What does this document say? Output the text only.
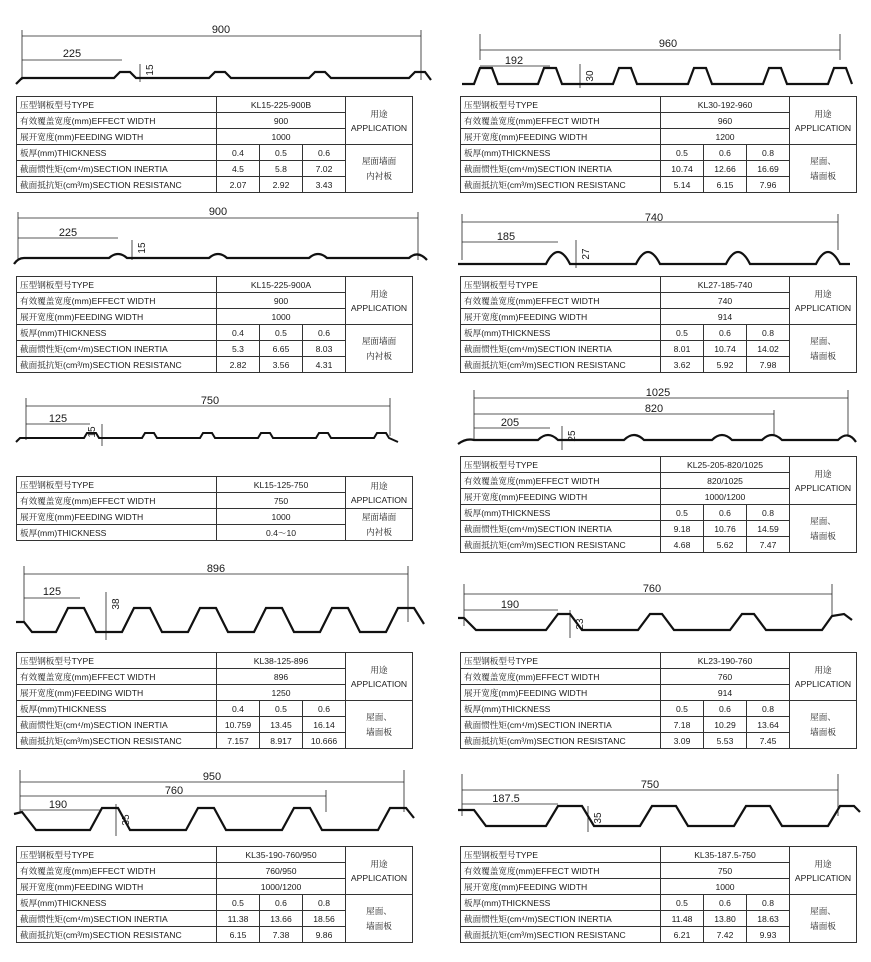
900
225
15
压型钢板型号TYPE	KL15-225-900B			用途
APPLICATION
有效覆盖宽度(mm)EFFECT WIDTH	900			
展开宽度(mm)FEEDING WIDTH	1000			
板厚(mm)THICKNESS	0.4	0.5	0.6	屋面墙面
内衬板
截面惯性矩(cm⁴/m)SECTION INERTIA	4.5	5.8	7.02	
截面抵抗矩(cm³/m)SECTION RESISTANC	2.07	2.92	3.43	
960
192
30
压型钢板型号TYPE	KL30-192-960			用途
APPLICATION
有效覆盖宽度(mm)EFFECT WIDTH	960			
展开宽度(mm)FEEDING WIDTH	1200			
板厚(mm)THICKNESS	0.5	0.6	0.8	屋面、
墙面板
截面惯性矩(cm⁴/m)SECTION INERTIA	10.74	12.66	16.69	
截面抵抗矩(cm³/m)SECTION RESISTANC	5.14	6.15	7.96	
900
225
15
压型钢板型号TYPE	KL15-225-900A			用途
APPLICATION
有效覆盖宽度(mm)EFFECT WIDTH	900			
展开宽度(mm)FEEDING WIDTH	1000			
板厚(mm)THICKNESS	0.4	0.5	0.6	屋面墙面
内衬板
截面惯性矩(cm⁴/m)SECTION INERTIA	5.3	6.65	8.03	
截面抵抗矩(cm³/m)SECTION RESISTANC	2.82	3.56	4.31	
740
185
27
压型钢板型号TYPE	KL27-185-740			用途
APPLICATION
有效覆盖宽度(mm)EFFECT WIDTH	740			
展开宽度(mm)FEEDING WIDTH	914			
板厚(mm)THICKNESS	0.5	0.6	0.8	屋面、
墙面板
截面惯性矩(cm⁴/m)SECTION INERTIA	8.01	10.74	14.02	
截面抵抗矩(cm³/m)SECTION RESISTANC	3.62	5.92	7.98	
750
125
15
压型钢板型号TYPE	KL15-125-750	用途
APPLICATION
有效覆盖宽度(mm)EFFECT WIDTH	750	
展开宽度(mm)FEEDING WIDTH	1000	屋面墙面
内衬板
板厚(mm)THICKNESS	0.4～10	
1025
820
205
25
压型钢板型号TYPE	KL25-205-820/1025			用途
APPLICATION
有效覆盖宽度(mm)EFFECT WIDTH	820/1025			
展开宽度(mm)FEEDING WIDTH	1000/1200			
板厚(mm)THICKNESS	0.5	0.6	0.8	屋面、
墙面板
截面惯性矩(cm⁴/m)SECTION INERTIA	9.18	10.76	14.59	
截面抵抗矩(cm³/m)SECTION RESISTANC	4.68	5.62	7.47	
896
125
38
压型钢板型号TYPE	KL38-125-896			用途
APPLICATION
有效覆盖宽度(mm)EFFECT WIDTH	896			
展开宽度(mm)FEEDING WIDTH	1250			
板厚(mm)THICKNESS	0.4	0.5	0.6	屋面、
墙面板
截面惯性矩(cm⁴/m)SECTION INERTIA	10.759	13.45	16.14	
截面抵抗矩(cm³/m)SECTION RESISTANC	7.157	8.917	10.666	
760
190
23
压型钢板型号TYPE	KL23-190-760			用途
APPLICATION
有效覆盖宽度(mm)EFFECT WIDTH	760			
展开宽度(mm)FEEDING WIDTH	914			
板厚(mm)THICKNESS	0.5	0.6	0.8	屋面、
墙面板
截面惯性矩(cm⁴/m)SECTION INERTIA	7.18	10.29	13.64	
截面抵抗矩(cm³/m)SECTION RESISTANC	3.09	5.53	7.45	
950
760
190
35
压型钢板型号TYPE	KL35-190-760/950			用途
APPLICATION
有效覆盖宽度(mm)EFFECT WIDTH	760/950			
展开宽度(mm)FEEDING WIDTH	1000/1200			
板厚(mm)THICKNESS	0.5	0.6	0.8	屋面、
墙面板
截面惯性矩(cm⁴/m)SECTION INERTIA	11.38	13.66	18.56	
截面抵抗矩(cm³/m)SECTION RESISTANC	6.15	7.38	9.86	
750
187.5
35
压型钢板型号TYPE	KL35-187.5-750			用途
APPLICATION
有效覆盖宽度(mm)EFFECT WIDTH	750			
展开宽度(mm)FEEDING WIDTH	1000			
板厚(mm)THICKNESS	0.5	0.6	0.8	屋面、
墙面板
截面惯性矩(cm⁴/m)SECTION INERTIA	11.48	13.80	18.63	
截面抵抗矩(cm³/m)SECTION RESISTANC	6.21	7.42	9.93	
